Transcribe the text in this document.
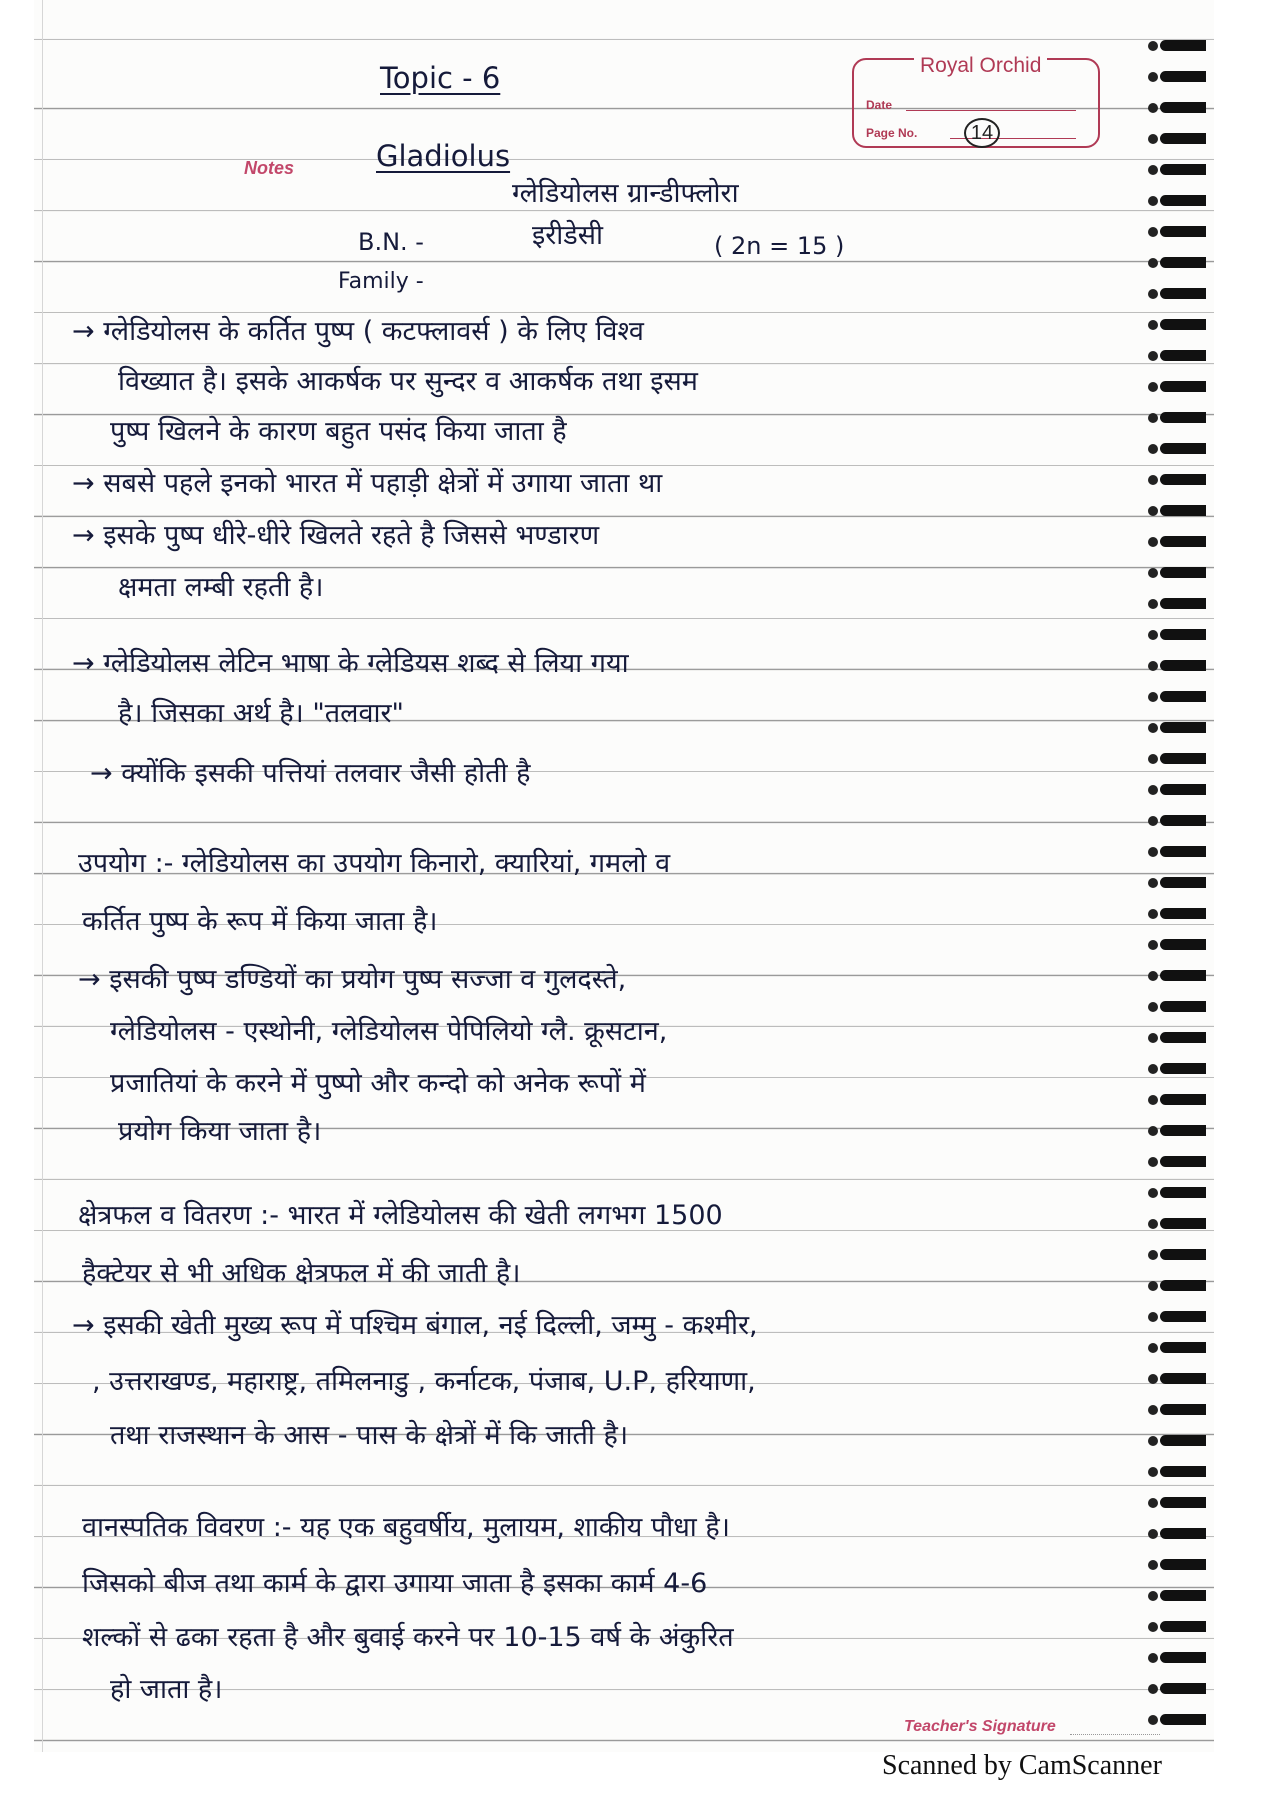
Royal Orchid
Date
Page No.	14
Notes
Topic - 6
Gladiolus
ग्लेडियोलस ग्रान्डीफ्लोरा
B.N. -	इरीडेसी	( 2n = 15 )
Family -
→ ग्लेडियोलस के कर्तित पुष्प ( कटफ्लावर्स ) के लिए विश्व
विख्यात है। इसके आकर्षक पर सुन्दर व आकर्षक तथा इसम
पुष्प खिलने के कारण बहुत पसंद किया जाता है
→ सबसे पहले इनको भारत में पहाड़ी क्षेत्रों में उगाया जाता था
→ इसके पुष्प धीरे-धीरे खिलते रहते है जिससे भण्डारण
क्षमता लम्बी रहती है।
→ ग्लेडियोलस लेटिन भाषा के ग्लेडियस शब्द से लिया गया
है। जिसका अर्थ है। "तलवार"
→ क्योंकि इसकी पत्तियां तलवार जैसी होती है
उपयोग :- ग्लेडियोलस का उपयोग किनारो, क्यारियां, गमलो व
कर्तित पुष्प के रूप में किया जाता है।
→ इसकी पुष्प डण्डियों का प्रयोग पुष्प सज्जा व गुलदस्ते,
ग्लेडियोलस - एस्थोनी, ग्लेडियोलस पेपिलियो ग्लै. क्रूसटान,
प्रजातियां के करने में पुष्पो और कन्दो को अनेक रूपों में
प्रयोग किया जाता है।
क्षेत्रफल व वितरण :- भारत में ग्लेडियोलस की खेती लगभग 1500
हैक्टेयर से भी अधिक क्षेत्रफल में की जाती है।
→ इसकी खेती मुख्य रूप में पश्चिम बंगाल, नई दिल्ली, जम्मु - कश्मीर,
, उत्तराखण्ड, महाराष्ट्र, तमिलनाडु , कर्नाटक, पंजाब, U.P, हरियाणा,
तथा राजस्थान के आस - पास के क्षेत्रों में कि जाती है।
वानस्पतिक विवरण :- यह एक बहुवर्षीय, मुलायम, शाकीय पौधा है।
जिसको बीज तथा कार्म के द्वारा उगाया जाता है इसका कार्म 4-6
शल्कों से ढका रहता है और बुवाई करने पर 10-15 वर्ष के अंकुरित
हो जाता है।
Teacher's Signature
Scanned by CamScanner
